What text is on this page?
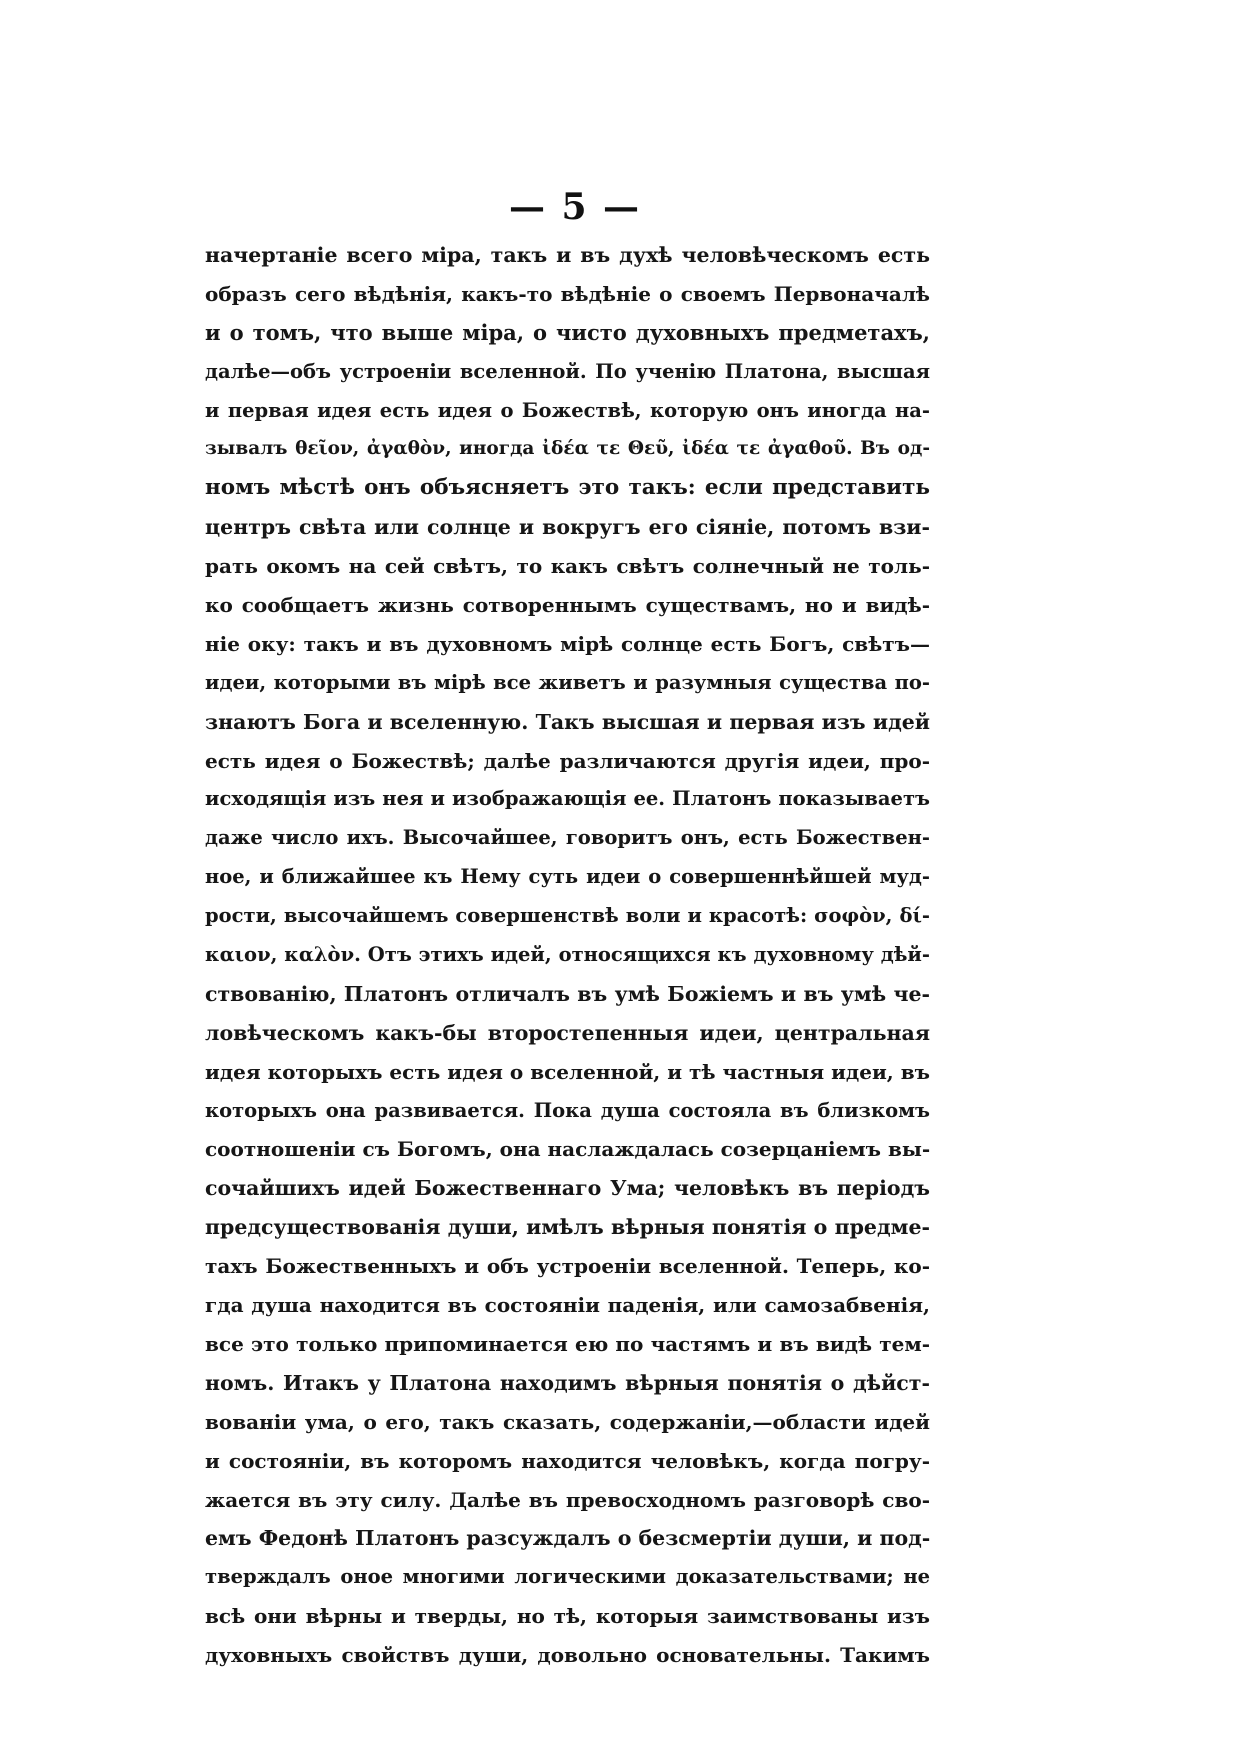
— 5 —
начертаніе всего міра, такъ и въ духѣ человѣческомъ есть
образъ сего вѣдѣнія, какъ-то вѣдѣніе о своемъ Первоначалѣ
и о томъ, что выше міра, о чисто духовныхъ предметахъ,
далѣе—объ устроеніи вселенной. По ученію Платона, высшая
и первая идея есть идея о Божествѣ, которую онъ иногда на-
зывалъ θεῖον, ἀγαθὸν, иногда ἰδέα τε Θεῦ, ἰδέα τε ἀγαθοῦ. Въ од-
номъ мѣстѣ онъ объясняетъ это такъ: если представить
центръ свѣта или солнце и вокругъ его сіяніе, потомъ взи-
рать окомъ на сей свѣтъ, то какъ свѣтъ солнечный не толь-
ко сообщаетъ жизнь сотвореннымъ существамъ, но и видѣ-
ніе оку: такъ и въ духовномъ мірѣ солнце есть Богъ, свѣтъ—
идеи, которыми въ мірѣ все живетъ и разумныя существа по-
знаютъ Бога и вселенную. Такъ высшая и первая изъ идей
есть идея о Божествѣ; далѣе различаются другія идеи, про-
исходящія изъ нея и изображающія ее. Платонъ показываетъ
даже число ихъ. Высочайшее, говоритъ онъ, есть Божествен-
ное, и ближайшее къ Нему суть идеи о совершеннѣйшей муд-
рости, высочайшемъ совершенствѣ воли и красотѣ: σοφὸν, δί-
καιον, καλὸν. Отъ этихъ идей, относящихся къ духовному дѣй-
ствованію, Платонъ отличалъ въ умѣ Божіемъ и въ умѣ че-
ловѣческомъ какъ-бы второстепенныя идеи, центральная
идея которыхъ есть идея о вселенной, и тѣ частныя идеи, въ
которыхъ она развивается. Пока душа состояла въ близкомъ
соотношеніи съ Богомъ, она наслаждалась созерцаніемъ вы-
сочайшихъ идей Божественнаго Ума; человѣкъ въ періодъ
предсуществованія души, имѣлъ вѣрныя понятія о предме-
тахъ Божественныхъ и объ устроеніи вселенной. Теперь, ко-
гда душа находится въ состояніи паденія, или самозабвенія,
все это только припоминается ею по частямъ и въ видѣ тем-
номъ. Итакъ у Платона находимъ вѣрныя понятія о дѣйст-
вованіи ума, о его, такъ сказать, содержаніи,—области идей
и состояніи, въ которомъ находится человѣкъ, когда погру-
жается въ эту силу. Далѣе въ превосходномъ разговорѣ сво-
емъ Федонѣ Платонъ разсуждалъ о безсмертіи души, и под-
тверждалъ оное многими логическими доказательствами; не
всѣ они вѣрны и тверды, но тѣ, которыя заимствованы изъ
духовныхъ свойствъ души, довольно основательны. Такимъ
